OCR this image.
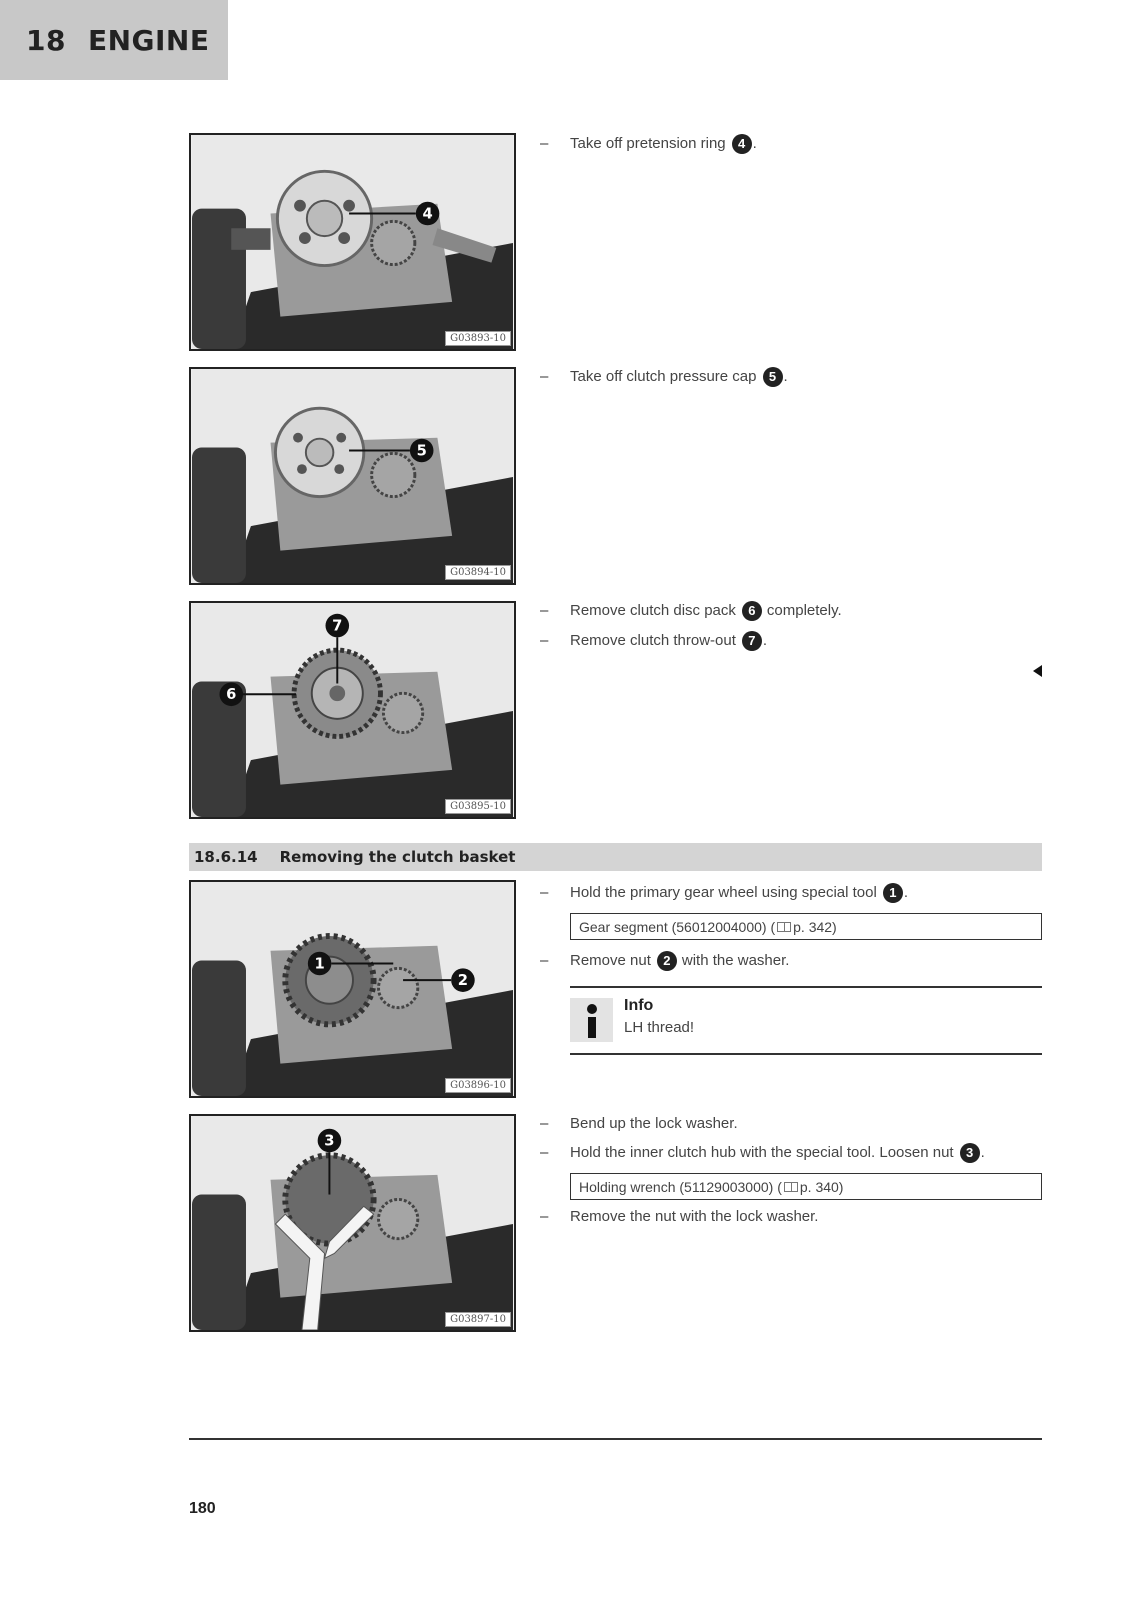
18 ENGINE
4
G03893-10
5
G03894-10
7
6
G03895-10
–	Take off pretension ring 4 .
–	Take off clutch pressure cap 5 .
–	Remove clutch disc pack 6 completely.
–	Remove clutch throw-out 7 .
18.6.14 Removing the clutch basket
1
2
G03896-10
3
G03897-10
–	Hold the primary gear wheel using special tool 1 .
Gear segment (56012004000) ( p. 342)
–	Remove nut 2 with the washer.
Info
LH thread!
–	Bend up the lock washer.
–	Hold the inner clutch hub with the special tool. Loosen nut 3 .
Holding wrench (51129003000) ( p. 340)
–	Remove the nut with the lock washer.
180
